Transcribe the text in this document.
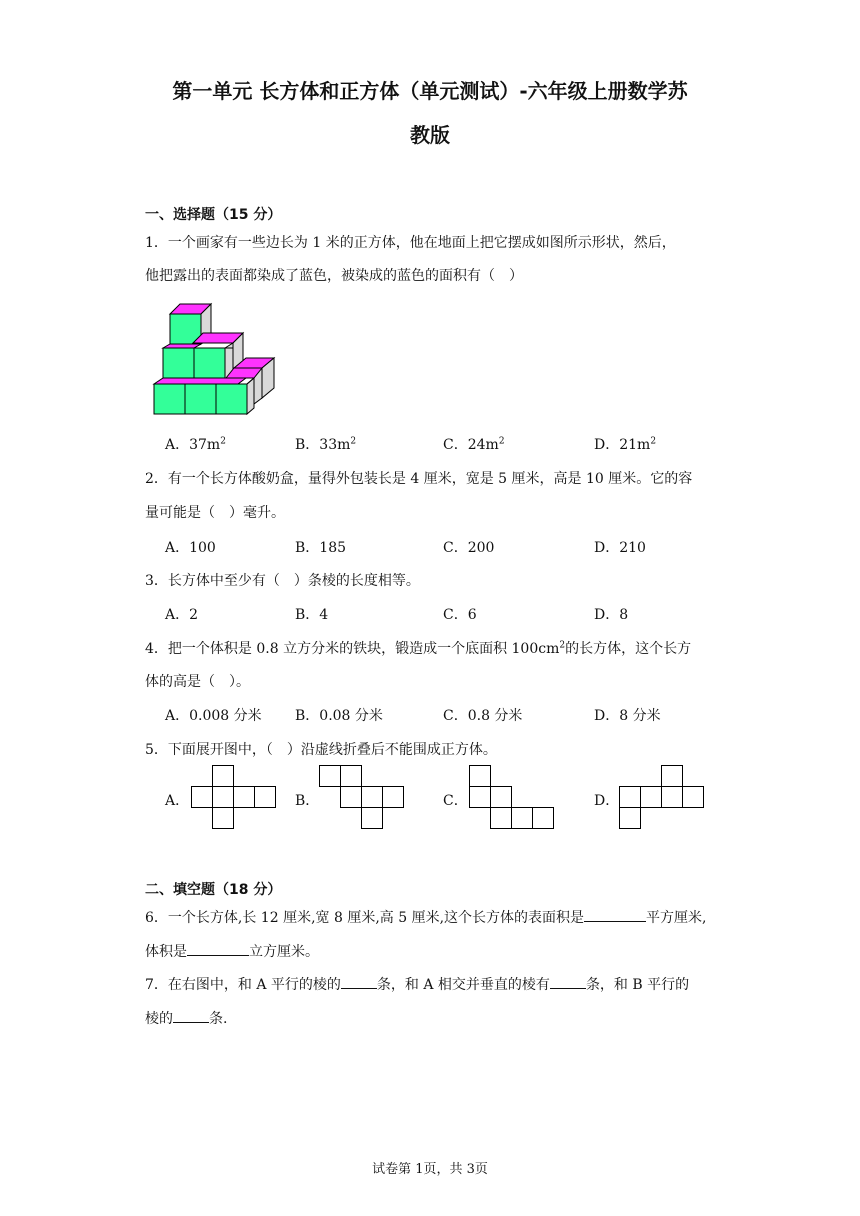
第一单元 长方体和正方体（单元测试）-六年级上册数学苏
教版
一、选择题（15 分）
1．一个画家有一些边长为 1 米的正方体，他在地面上把它摆成如图所示形状，然后，
他把露出的表面都染成了蓝色，被染成的蓝色的面积有（　）
A．$37m^2$	B．$33m^2$	C．$24m^2$	D．$21m^2$
2．有一个长方体酸奶盒，量得外包装长是 4 厘米，宽是 5 厘米，高是 10 厘米。它的容
量可能是（　）毫升。
A．100	B．185	C．200	D．210
3．长方体中至少有（　）条棱的长度相等。
A．2	B．4	C．6	D．8
4．把一个体积是 0.8 立方分米的铁块，锻造成一个底面积 $100cm^2$的长方体，这个长方
体的高是（　）。
A．0.008 分米 B．0.08 分米	C．0.8 分米	D．8 分米
5．下面展开图中，（　）沿虚线折叠后不能围成正方体。
A．	B．	C．	D．
二、填空题（18 分）
6．一个长方体,长 12 厘米,宽 8 厘米,高 5 厘米,这个长方体的表面积是	平方厘米,
体积是	立方厘米。
7．在右图中，和 A 平行的棱的	条，和 A 相交并垂直的棱有	条，和 B 平行的
棱的	条.
试卷第 1页，共 3页
